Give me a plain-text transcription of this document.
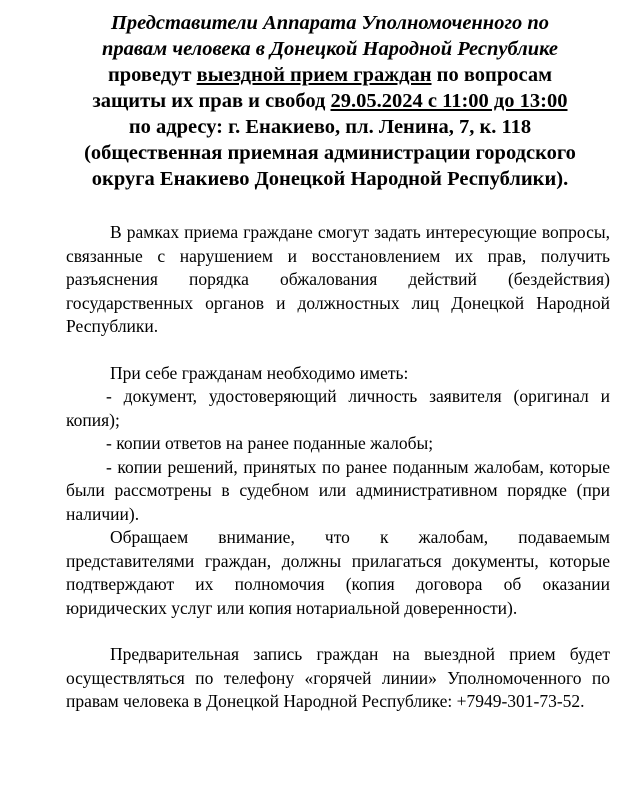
Представители Аппарата Уполномоченного по
правам человека в Донецкой Народной Республике
проведут выездной прием граждан по вопросам
защиты их прав и свобод 29.05.2024 с 11:00 до 13:00
по адресу: г. Енакиево, пл. Ленина, 7, к. 118
(общественная приемная администрации городского
округа Енакиево Донецкой Народной Республики).

В рамках приема граждане смогут задать интересующие вопросы, связанные с нарушением и восстановлением их прав, получить разъяснения порядка обжалования действий (бездействия) государственных органов и должностных лиц Донецкой Народной Республики.

При себе гражданам необходимо иметь:

- документ, удостоверяющий личность заявителя (оригинал и копия);

- копии ответов на ранее поданные жалобы;

- копии решений, принятых по ранее поданным жалобам, которые были рассмотрены в судебном или административном порядке (при наличии).

Обращаем внимание, что к жалобам, подаваемым представителями граждан, должны прилагаться документы, которые подтверждают их полномочия (копия договора об оказании юридических услуг или копия нотариальной доверенности).

Предварительная запись граждан на выездной прием будет осуществляться по телефону «горячей линии» Уполномоченного по правам человека в Донецкой Народной Республике: +7949-301-73-52.
